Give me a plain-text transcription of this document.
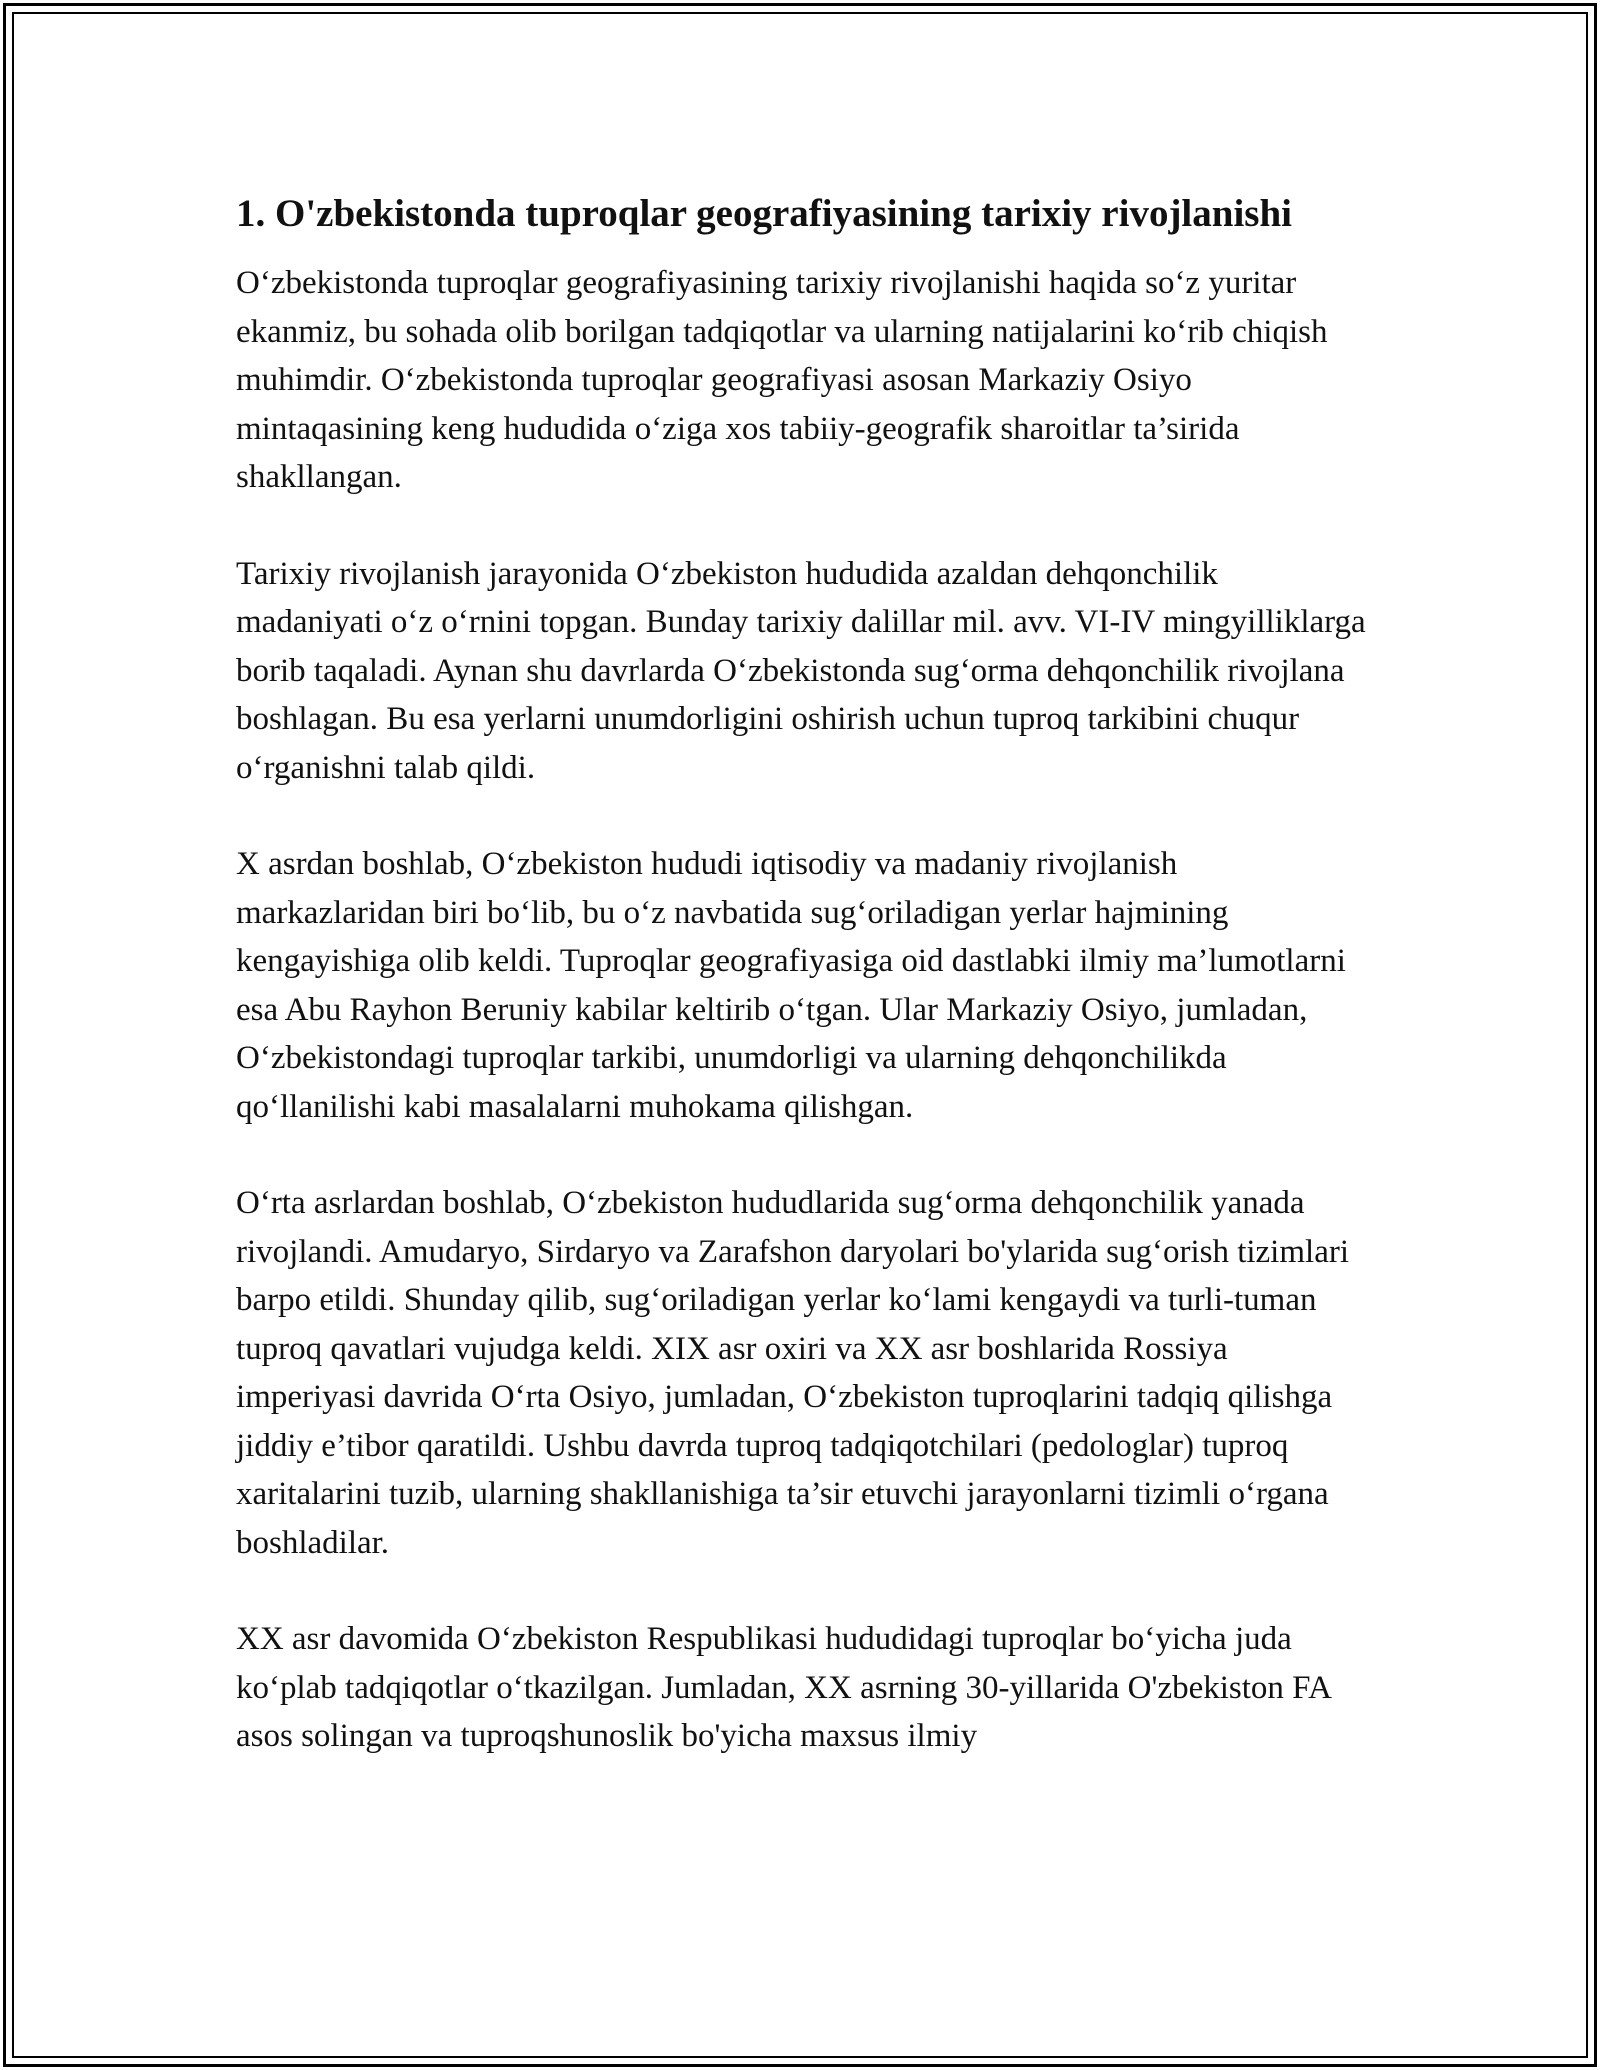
1. O'zbekistonda tuproqlar geografiyasining tarixiy rivojlanishi

O‘zbekistonda tuproqlar geografiyasining tarixiy rivojlanishi haqida so‘z yuritar ekanmiz, bu sohada olib borilgan tadqiqotlar va ularning natijalarini ko‘rib chiqish muhimdir. O‘zbekistonda tuproqlar geografiyasi asosan Markaziy Osiyo mintaqasining keng hududida o‘ziga xos tabiiy-geografik sharoitlar ta’sirida shakllangan.

Tarixiy rivojlanish jarayonida O‘zbekiston hududida azaldan dehqonchilik madaniyati o‘z o‘rnini topgan. Bunday tarixiy dalillar mil. avv. VI-IV mingyilliklarga borib taqaladi. Aynan shu davrlarda O‘zbekistonda sug‘orma dehqonchilik rivojlana boshlagan. Bu esa yerlarni unumdorligini oshirish uchun tuproq tarkibini chuqur o‘rganishni talab qildi.

X asrdan boshlab, O‘zbekiston hududi iqtisodiy va madaniy rivojlanish markazlaridan biri bo‘lib, bu o‘z navbatida sug‘oriladigan yerlar hajmining kengayishiga olib keldi. Tuproqlar geografiyasiga oid dastlabki ilmiy ma’lumotlarni esa Abu Rayhon Beruniy kabilar keltirib o‘tgan. Ular Markaziy Osiyo, jumladan, O‘zbekistondagi tuproqlar tarkibi, unumdorligi va ularning dehqonchilikda qo‘llanilishi kabi masalalarni muhokama qilishgan.

O‘rta asrlardan boshlab, O‘zbekiston hududlarida sug‘orma dehqonchilik yanada rivojlandi. Amudaryo, Sirdaryo va Zarafshon daryolari bo'ylarida sug‘orish tizimlari barpo etildi. Shunday qilib, sug‘oriladigan yerlar ko‘lami kengaydi va turli-tuman tuproq qavatlari vujudga keldi. XIX asr oxiri va XX asr boshlarida Rossiya imperiyasi davrida O‘rta Osiyo, jumladan, O‘zbekiston tuproqlarini tadqiq qilishga jiddiy e’tibor qaratildi. Ushbu davrda tuproq tadqiqotchilari (pedologlar) tuproq xaritalarini tuzib, ularning shakllanishiga ta’sir etuvchi jarayonlarni tizimli o‘rgana boshladilar.

XX asr davomida O‘zbekiston Respublikasi hududidagi tuproqlar bo‘yicha juda ko‘plab tadqiqotlar o‘tkazilgan. Jumladan, XX asrning 30-yillarida O'zbekiston FA asos solingan va tuproqshunoslik bo'yicha maxsus ilmiy
